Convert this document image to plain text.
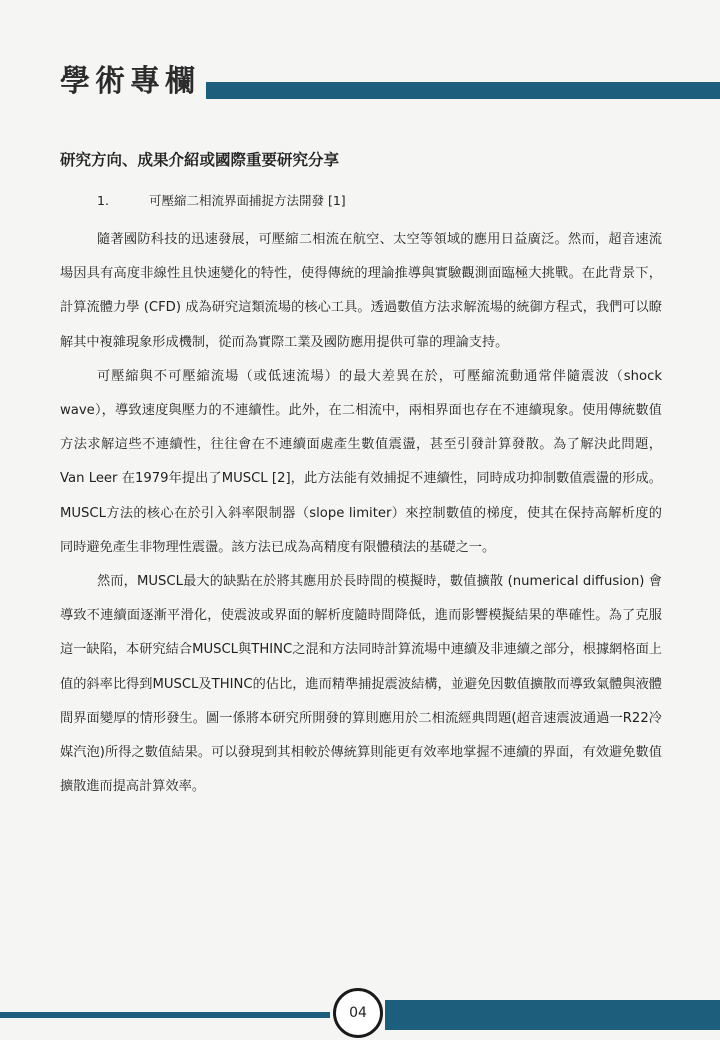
學術專欄
研究方向、成果介紹或國際重要研究分享
1.	可壓縮二相流界面捕捉方法開發 [1]

隨著國防科技的迅速發展，可壓縮二相流在航空、太空等領域的應用日益廣泛。然而，超音速流場因具有高度非線性且快速變化的特性，使得傳統的理論推導與實驗觀測面臨極大挑戰。在此背景下，計算流體力學 (CFD) 成為研究這類流場的核心工具。透過數值方法求解流場的統御方程式，我們可以瞭解其中複雜現象形成機制，從而為實際工業及國防應用提供可靠的理論支持。

可壓縮與不可壓縮流場（或低速流場）的最大差異在於，可壓縮流動通常伴隨震波（shock wave），導致速度與壓力的不連續性。此外，在二相流中，兩相界面也存在不連續現象。使用傳統數值方法求解這些不連續性，往往會在不連續面處產生數值震盪，甚至引發計算發散。為了解決此問題，Van Leer 在1979年提出了MUSCL [2]，此方法能有效捕捉不連續性，同時成功抑制數值震盪的形成。MUSCL方法的核心在於引入斜率限制器（slope limiter）來控制數值的梯度，使其在保持高解析度的同時避免產生非物理性震盪。該方法已成為高精度有限體積法的基礎之一。

然而，MUSCL最大的缺點在於將其應用於長時間的模擬時，數值擴散 (numerical diffusion) 會導致不連續面逐漸平滑化，使震波或界面的解析度隨時間降低，進而影響模擬結果的準確性。為了克服這一缺陷，本研究結合MUSCL與THINC之混和方法同時計算流場中連續及非連續之部分，根據網格面上值的斜率比得到MUSCL及THINC的佔比，進而精準捕捉震波結構，並避免因數值擴散而導致氣體與液體間界面變厚的情形發生。圖一係將本研究所開發的算則應用於二相流經典問題(超音速震波通過一R22冷媒汽泡)所得之數值結果。可以發現到其相較於傳統算則能更有效率地掌握不連續的界面，有效避免數值擴散進而提高計算效率。

04
